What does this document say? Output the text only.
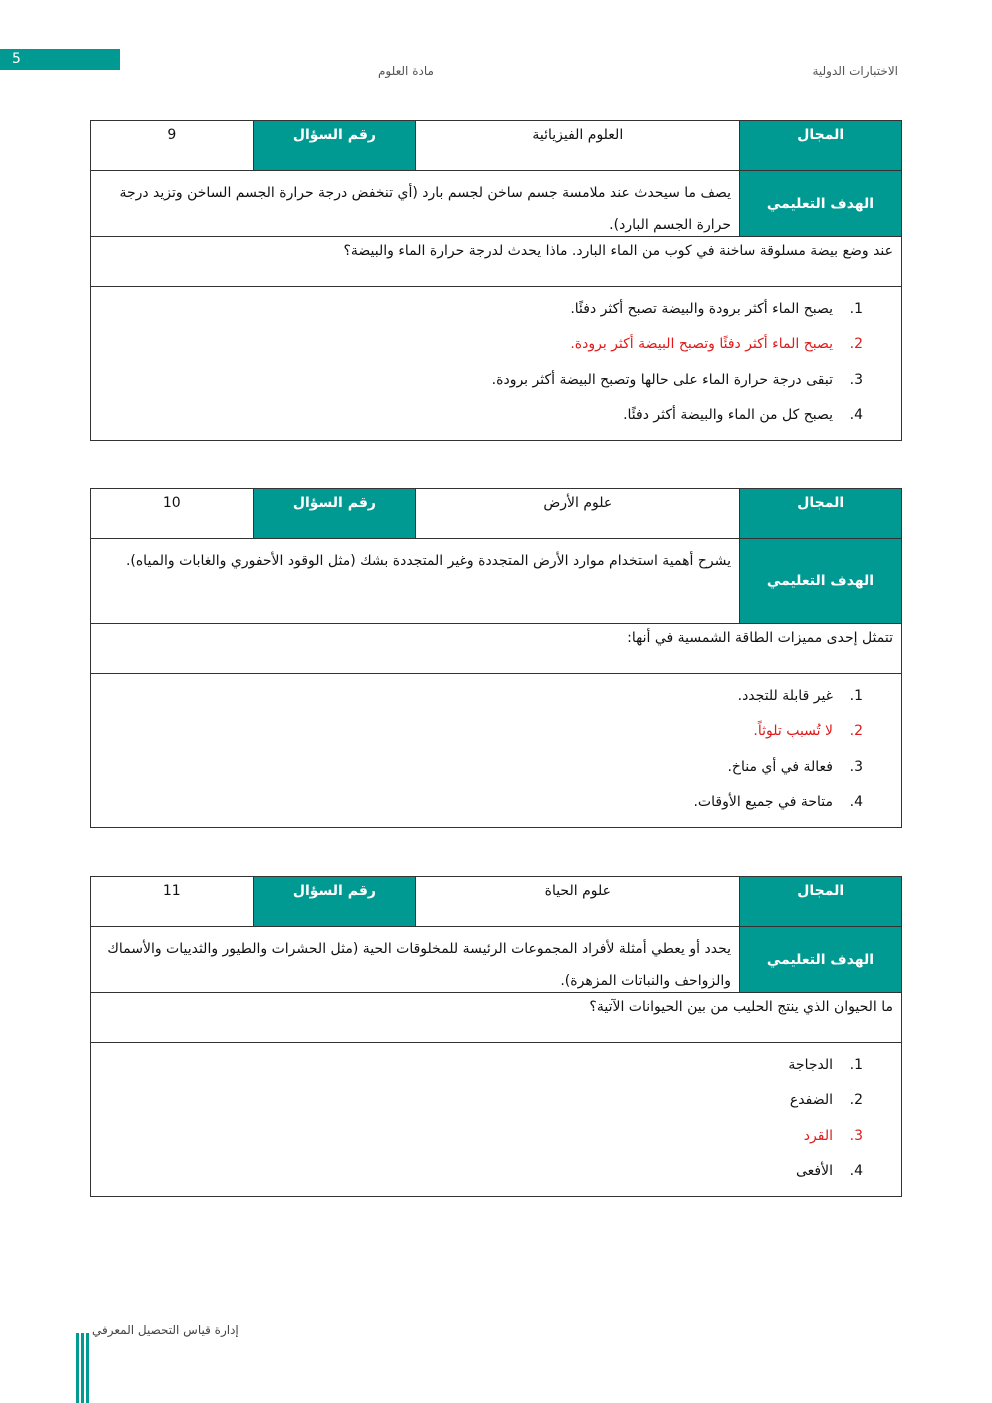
5
مادة العلوم	الاختبارات الدولية
المجال
العلوم الفيزيائية
رقم السؤال
9
الهدف التعليمي
يصف ما سيحدث عند ملامسة جسم ساخن لجسم بارد (أي تنخفض درجة حرارة الجسم الساخن وتزيد درجة حرارة الجسم البارد).
عند وضع بيضة مسلوقة ساخنة في كوب من الماء البارد. ماذا يحدث لدرجة حرارة الماء والبيضة؟
1.
يصبح الماء أكثر برودة والبيضة تصبح أكثر دفئًا.
2.
يصبح الماء أكثر دفئًا وتصبح البيضة أكثر برودة.
3.
تبقى درجة حرارة الماء على حالها وتصبح البيضة أكثر برودة.
4.
يصبح كل من الماء والبيضة أكثر دفئًا.
المجال
علوم الأرض
رقم السؤال
10
الهدف التعليمي
يشرح أهمية استخدام موارد الأرض المتجددة وغير المتجددة بشك (مثل الوقود الأحفوري والغابات والمياه).
تتمثل إحدى مميزات الطاقة الشمسية في أنها:
1.
غير قابلة للتجدد.
2.
لا تُسبب تلوثاً.
3.
فعالة في أي مناخ.
4.
متاحة في جميع الأوقات.
المجال
علوم الحياة
رقم السؤال
11
الهدف التعليمي
يحدد أو يعطي أمثلة لأفراد المجموعات الرئيسة للمخلوقات الحية (مثل الحشرات والطيور والثدييات والأسماك والزواحف والنباتات المزهرة).
ما الحيوان الذي ينتج الحليب من بين الحيوانات الآتية؟
1.
الدجاجة
2.
الضفدع
3.
القرد
4.
الأفعى
إدارة قياس التحصيل المعرفي
